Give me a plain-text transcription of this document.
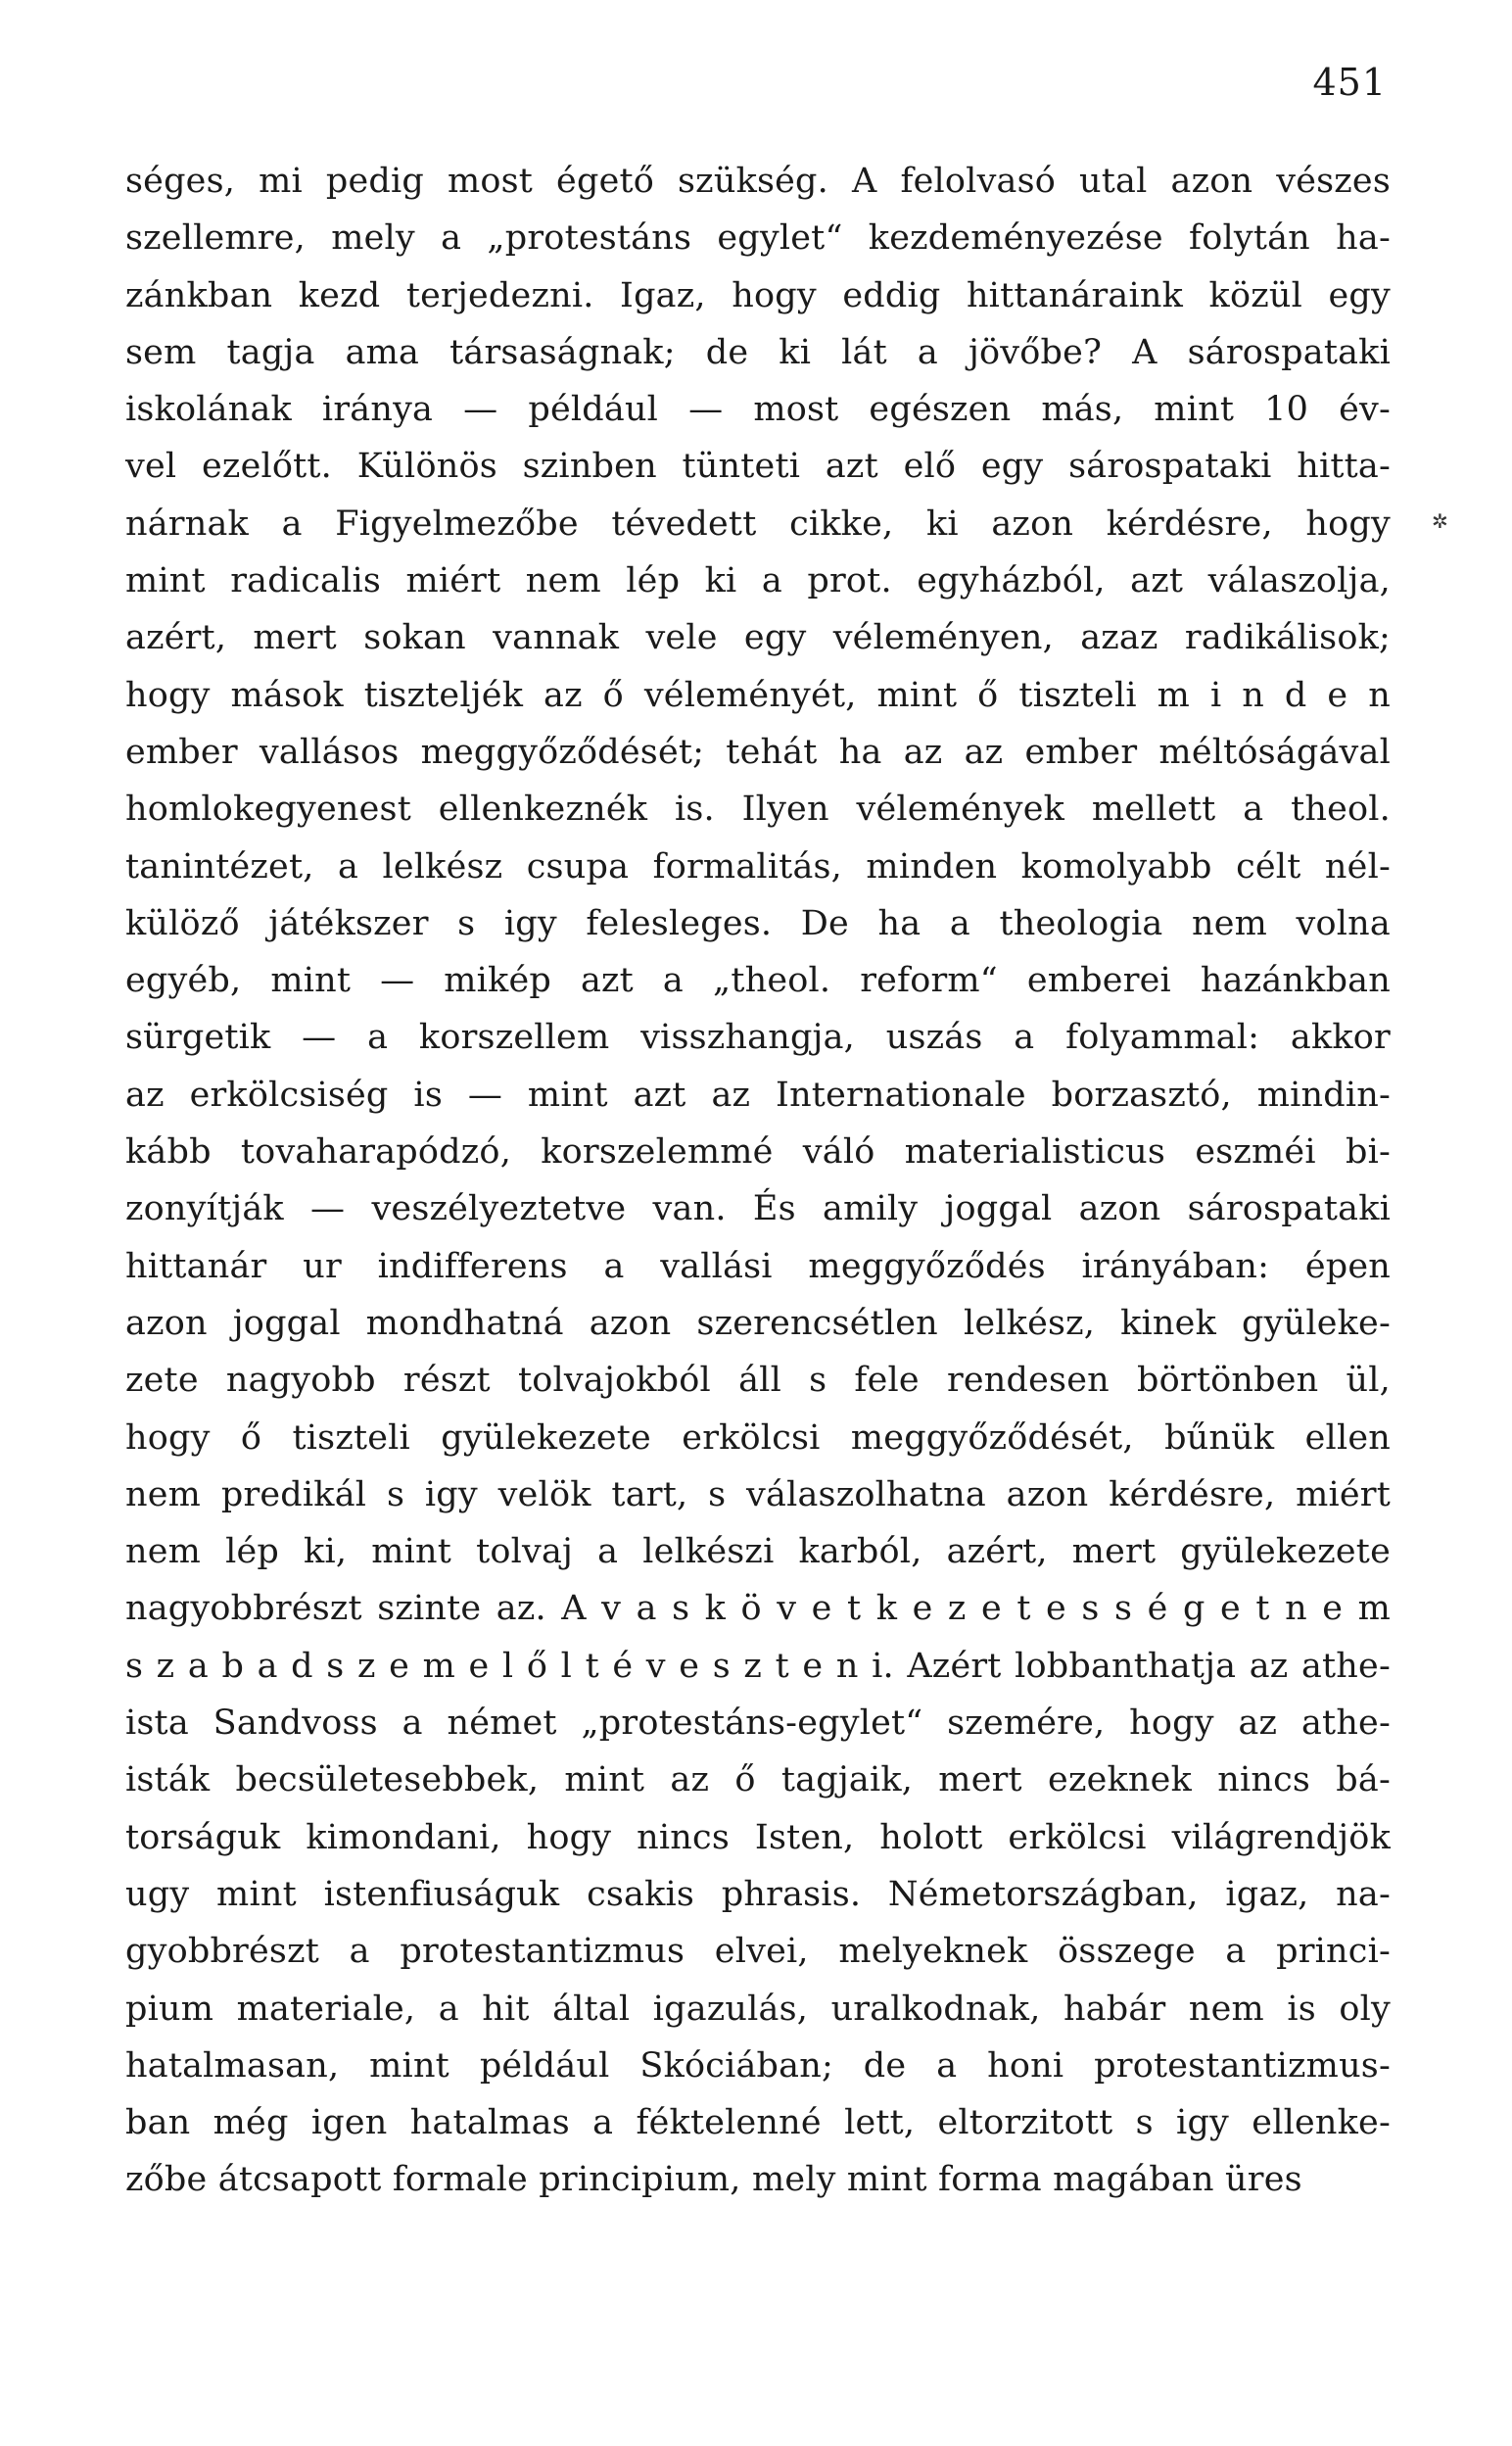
451
séges, mi pedig most égető szükség. A felolvasó utal azon vészes
szellemre, mely a „protestáns egylet“ kezdeményezése folytán ha-
zánkban kezd terjedezni. Igaz, hogy eddig hittanáraink közül egy
sem tagja ama társaságnak; de ki lát a jövőbe? A sárospataki
iskolának iránya — például — most egészen más, mint 10 év-
vel ezelőtt. Különös szinben tünteti azt elő egy sárospataki hitta-
nárnak a Figyelmezőbe tévedett cikke, ki azon kérdésre, hogy
mint radicalis miért nem lép ki a prot. egyházból, azt válaszolja,
azért, mert sokan vannak vele egy véleményen, azaz radikálisok;
hogy mások tiszteljék az ő véleményét, mint ő tiszteli m i n d e n
ember vallásos meggyőződését; tehát ha az az ember méltóságával
homlokegyenest ellenkeznék is. Ilyen vélemények mellett a theol.
tanintézet, a lelkész csupa formalitás, minden komolyabb célt nél-
külöző játékszer s igy felesleges. De ha a theologia nem volna
egyéb, mint — mikép azt a „theol. reform“ emberei hazánkban
sürgetik — a korszellem visszhangja, uszás a folyammal: akkor
az erkölcsiség is — mint azt az Internationale borzasztó, mindin-
kább tovaharapódzó, korszelemmé váló materialisticus eszméi bi-
zonyítják — veszélyeztetve van. És amily joggal azon sárospataki
hittanár ur indifferens a vallási meggyőződés irányában: épen
azon joggal mondhatná azon szerencsétlen lelkész, kinek gyüleke-
zete nagyobb részt tolvajokból áll s fele rendesen börtönben ül,
hogy ő tiszteli gyülekezete erkölcsi meggyőződését, bűnük ellen
nem predikál s igy velök tart, s válaszolhatna azon kérdésre, miért
nem lép ki, mint tolvaj a lelkészi karból, azért, mert gyülekezete
nagyobbrészt szinte az. A v a s k ö v e t k e z e t e s s é g e t n e m
s z a b a d s z e m e l ő l t é v e s z t e n i. Azért lobbanthatja az athe-
ista Sandvoss a német „protestáns-egylet“ szemére, hogy az athe-
isták becsületesebbek, mint az ő tagjaik, mert ezeknek nincs bá-
torságuk kimondani, hogy nincs Isten, holott erkölcsi világrendjök
ugy mint istenfiuságuk csakis phrasis. Németországban, igaz, na-
gyobbrészt a protestantizmus elvei, melyeknek összege a princi-
pium materiale, a hit által igazulás, uralkodnak, habár nem is oly
hatalmasan, mint például Skóciában; de a honi protestantizmus-
ban még igen hatalmas a féktelenné lett, eltorzitott s igy ellenke-
zőbe átcsapott formale principium, mely mint forma magában üres
✲
